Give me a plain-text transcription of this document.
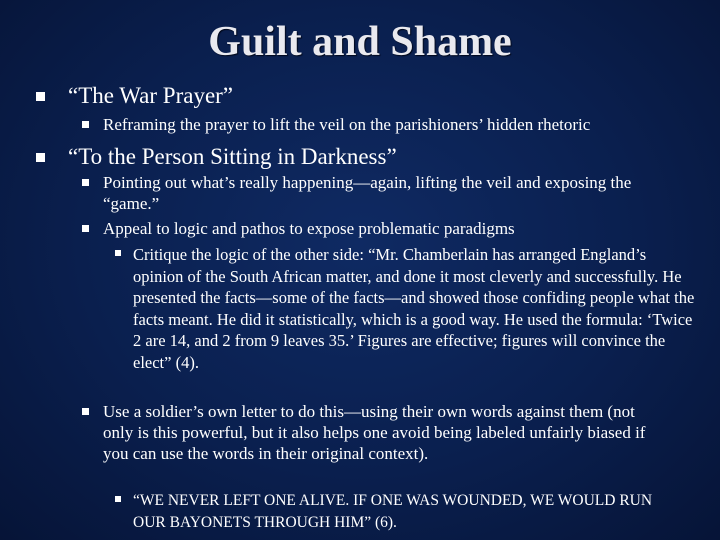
Guilt and Shame
“The War Prayer”
Reframing the prayer to lift the veil on the parishioners’ hidden rhetoric
“To the Person Sitting in Darkness”
Pointing out what’s really happening—again, lifting the veil and exposing the “game.”
Appeal to logic and pathos to expose problematic paradigms
Critique the logic of the other side: “Mr. Chamberlain has arranged England’s opinion of the South African matter, and done it most cleverly and successfully. He presented the facts—some of the facts—and showed those confiding people what the facts meant. He did it statistically, which is a good way. He used the formula: ‘Twice 2 are 14, and 2 from 9 leaves 35.’ Figures are effective; figures will convince the elect” (4).
Use a soldier’s own letter to do this—using their own words against them (not only is this powerful, but it also helps one avoid being labeled unfairly biased if you can use the words in their original context).
“WE NEVER LEFT ONE ALIVE. IF ONE WAS WOUNDED, WE WOULD RUN OUR BAYONETS THROUGH HIM” (6).
